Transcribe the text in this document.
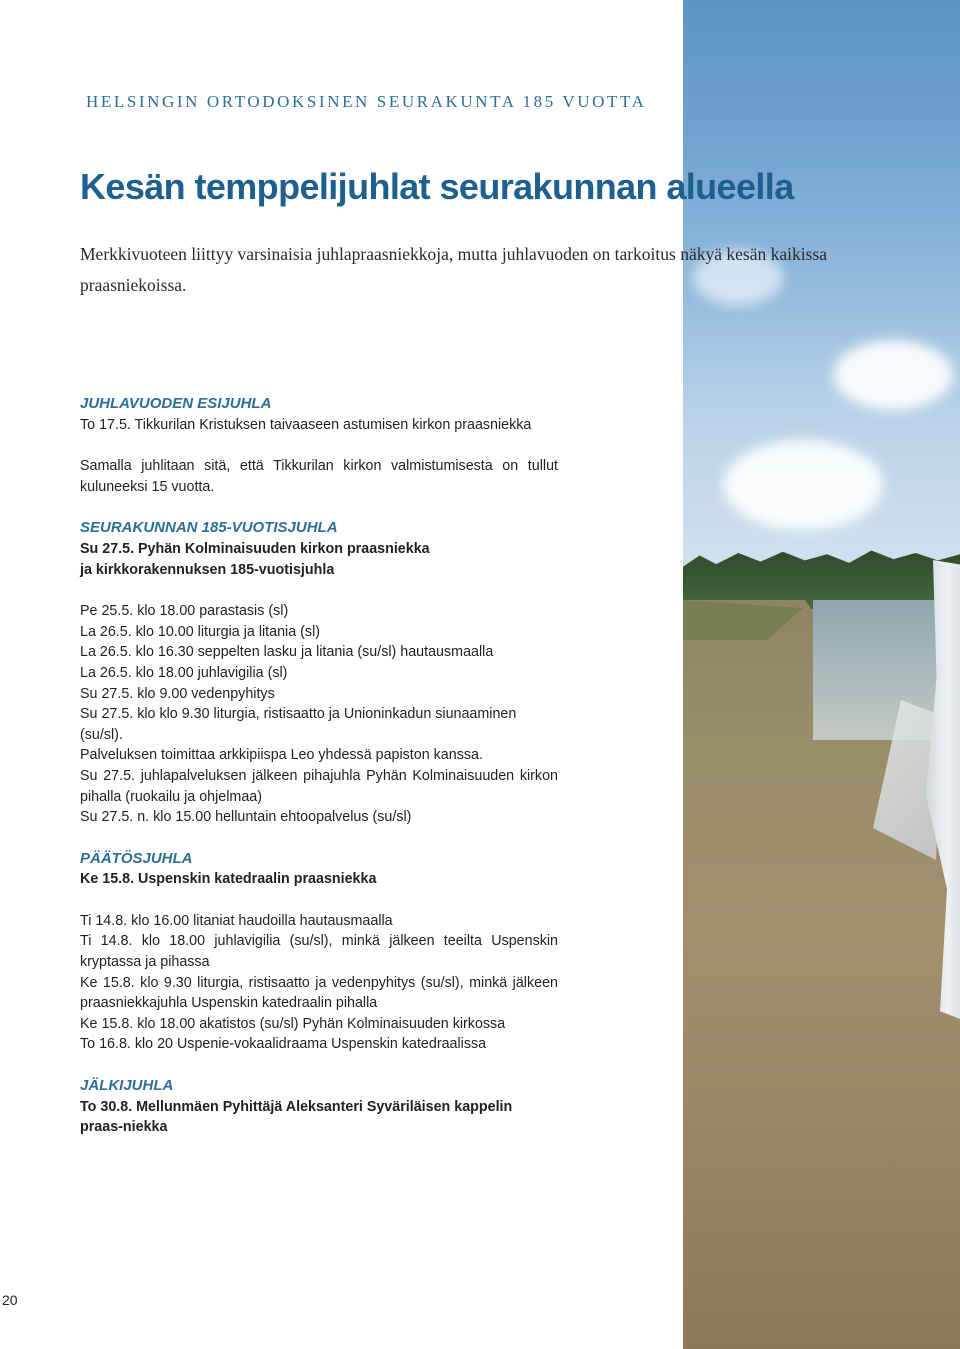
HELSINGIN ORTODOKSINEN SEURAKUNTA 185 VUOTTA
Kesän temppelijuhlat seurakunnan alueella

Merkkivuoteen liittyy varsinaisia juhlapraasniekkoja, mutta juhlavuoden on tarkoitus näkyä kesän kaikissa praasniekoissa.

JUHLAVUODEN ESIJUHLA

To 17.5. Tikkurilan Kristuksen taivaaseen astumisen kirkon praasniekka

Samalla juhlitaan sitä, että Tikkurilan kirkon valmistumisesta on tullut kuluneeksi 15 vuotta.

SEURAKUNNAN 185-VUOTISJUHLA

Su 27.5. Pyhän Kolminaisuuden kirkon praasniekka

ja kirkkorakennuksen 185-vuotisjuhla

Pe 25.5. klo 18.00 parastasis (sl)

La 26.5. klo 10.00 liturgia ja litania (sl)

La 26.5. klo 16.30 seppelten lasku ja litania (su/sl) hautausmaalla

La 26.5. klo 18.00 juhlavigilia (sl)

Su 27.5. klo 9.00 vedenpyhitys

Su 27.5. klo klo 9.30 liturgia, ristisaatto ja Unioninkadun siunaaminen (su/sl).

Palveluksen toimittaa arkkipiispa Leo yhdessä papiston kanssa.

Su 27.5. juhlapalveluksen jälkeen pihajuhla Pyhän Kolminaisuuden kirkon pihalla (ruokailu ja ohjelmaa)

Su 27.5. n. klo 15.00 helluntain ehtoopalvelus (su/sl)

PÄÄTÖSJUHLA

Ke 15.8. Uspenskin katedraalin praasniekka

Ti 14.8. klo 16.00 litaniat haudoilla hautausmaalla

Ti 14.8. klo 18.00 juhlavigilia (su/sl), minkä jälkeen teeilta Uspenskin kryptassa ja pihassa

Ke 15.8. klo 9.30 liturgia, ristisaatto ja vedenpyhitys (su/sl), minkä jälkeen praasniekkajuhla Uspenskin katedraalin pihalla

Ke 15.8. klo 18.00 akatistos (su/sl) Pyhän Kolminaisuuden kirkossa

To 16.8. klo 20 Uspenie-vokaalidraama Uspenskin katedraalissa

JÄLKIJUHLA

To 30.8. Mellunmäen Pyhittäjä Aleksanteri Syväriläisen kappelin praas-niekka

20
